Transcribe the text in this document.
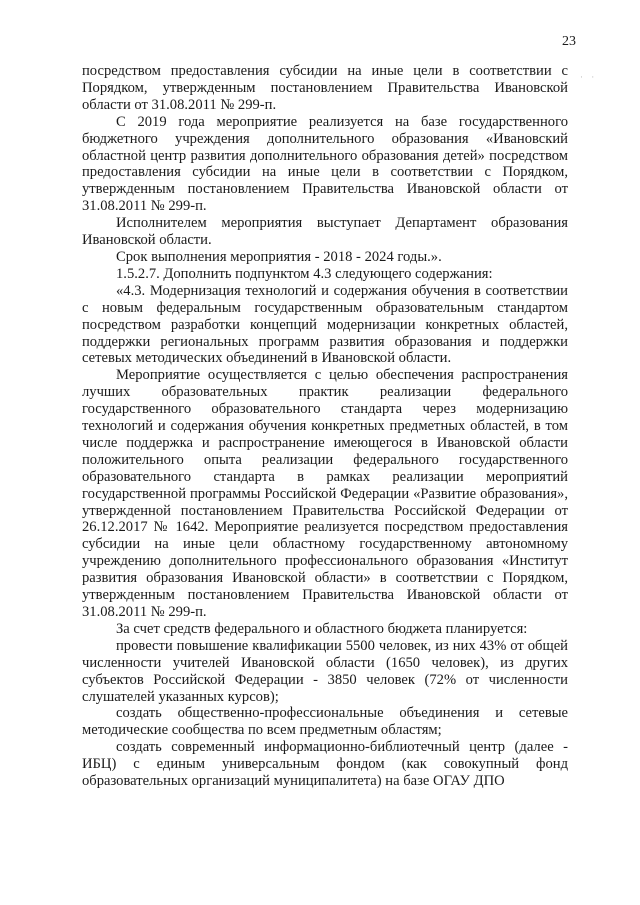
23
· ·

посредством предоставления субсидии на иные цели в соответствии с Порядком, утвержденным постановлением Правительства Ивановской области от 31.08.2011 № 299-п.

С 2019 года мероприятие реализуется на базе государственного бюджетного учреждения дополнительного образования «Ивановский областной центр развития дополнительного образования детей» посредством предоставления субсидии на иные цели в соответствии с Порядком, утвержденным постановлением Правительства Ивановской области от 31.08.2011 № 299-п.

Исполнителем мероприятия выступает Департамент образования Ивановской области.

Срок выполнения мероприятия - 2018 - 2024 годы.».

1.5.2.7. Дополнить подпунктом 4.3 следующего содержания:

«4.3. Модернизация технологий и содержания обучения в соответствии с новым федеральным государственным образовательным стандартом посредством разработки концепций модернизации конкретных областей, поддержки региональных программ развития образования и поддержки сетевых методических объединений в Ивановской области.

Мероприятие осуществляется с целью обеспечения распространения лучших образовательных практик реализации федерального государственного образовательного стандарта через модернизацию технологий и содержания обучения конкретных предметных областей, в том числе поддержка и распространение имеющегося в Ивановской области положительного опыта реализации федерального государственного образовательного стандарта в рамках реализации мероприятий государственной программы Российской Федерации «Развитие образования», утвержденной постановлением Правительства Российской Федерации от 26.12.2017 № 1642. Мероприятие реализуется посредством предоставления субсидии на иные цели областному государственному автономному учреждению дополнительного профессионального образования «Институт развития образования Ивановской области» в соответствии с Порядком, утвержденным постановлением Правительства Ивановской области от 31.08.2011 № 299-п.

За счет средств федерального и областного бюджета планируется:

провести повышение квалификации 5500 человек, из них 43% от общей численности учителей Ивановской области (1650 человек), из других субъектов Российской Федерации - 3850 человек (72% от численности слушателей указанных курсов);

создать общественно-профессиональные объединения и сетевые методические сообщества по всем предметным областям;

создать современный информационно-библиотечный центр (далее - ИБЦ) с единым универсальным фондом (как совокупный фонд образовательных организаций муниципалитета) на базе ОГАУ ДПО
